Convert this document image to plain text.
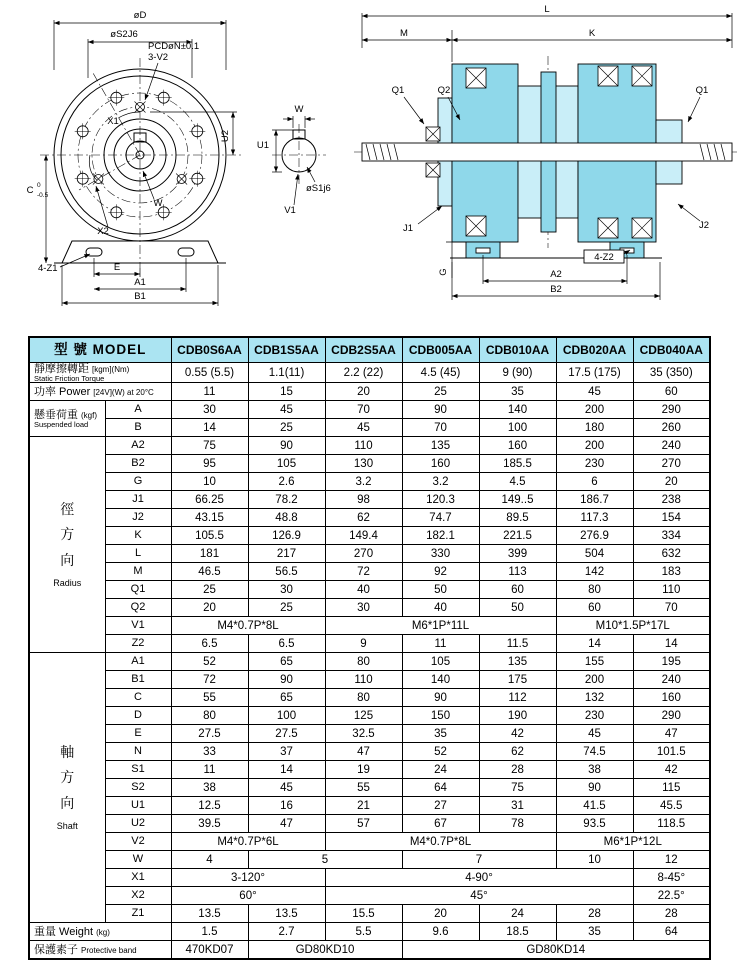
øD
øS2J6
PCDøN±0.1
3-V2
X1
U2
W
C 0
-0.5
X2
4-Z1	E
A1
B1
W
U1
øS1j6
V1
L
M	K
Q1	Q2	Q1
J1	J2
G	A2
4-Z2
B2
型 號 MODEL		CDB0S6AA	CDB1S5AA	CDB2S5AA	CDB005AA	CDB010AA	CDB020AA	CDB040AA

靜摩擦轉距 [kgm](Nm)
Static Friction Torque		0.55 (5.5)	1.1(11)	2.2 (22)	4.5 (45)	9 (90)	17.5 (175)	35 (350)

功率 Power [24V](W) at 20°C		11	15	20	25	35	45	60

懸垂荷重 (kgf)
Suspended load	A	30	45	70	90	140	200	290
	B	14	25	45	70	100	180	260

徑
方
向
Radius	A2	75	90	110	135	160	200	240
	B2	95	105	130	160	185.5	230	270
	G	10	2.6	3.2	3.2	4.5	6	20
	J1	66.25	78.2	98	120.3	149..5	186.7	238
	J2	43.15	48.8	62	74.7	89.5	117.3	154
	K	105.5	126.9	149.4	182.1	221.5	276.9	334
	L	181	217	270	330	399	504	632
	M	46.5	56.5	72	92	113	142	183
	Q1	25	30	40	50	60	80	110
	Q2	20	25	30	40	50	60	70
	V1	M4*0.7P*8L		M6*1P*11L			M10*1.5P*17L	
	Z2	6.5	6.5	9	11	11.5	14	14

軸
方
向
Shaft	A1	52	65	80	105	135	155	195
	B1	72	90	110	140	175	200	240
	C	55	65	80	90	112	132	160
	D	80	100	125	150	190	230	290
	E	27.5	27.5	32.5	35	42	45	47
	N	33	37	47	52	62	74.5	101.5
	S1	11	14	19	24	28	38	42
	S2	38	45	55	64	75	90	115
	U1	12.5	16	21	27	31	41.5	45.5
	U2	39.5	47	57	67	78	93.5	118.5
	V2	M4*0.7P*6L		M4*0.7P*8L			M6*1P*12L	
	W	4	5		7		10	12
	X1	3-120°		4-90°				8-45°
	X2	60°		45°				22.5°
	Z1	13.5	13.5	15.5	20	24	28	28

重量 Weight (kg)		1.5	2.7	5.5	9.6	18.5	35	64

保護素子 Protective band		470KD07	GD80KD10		GD80KD14			
